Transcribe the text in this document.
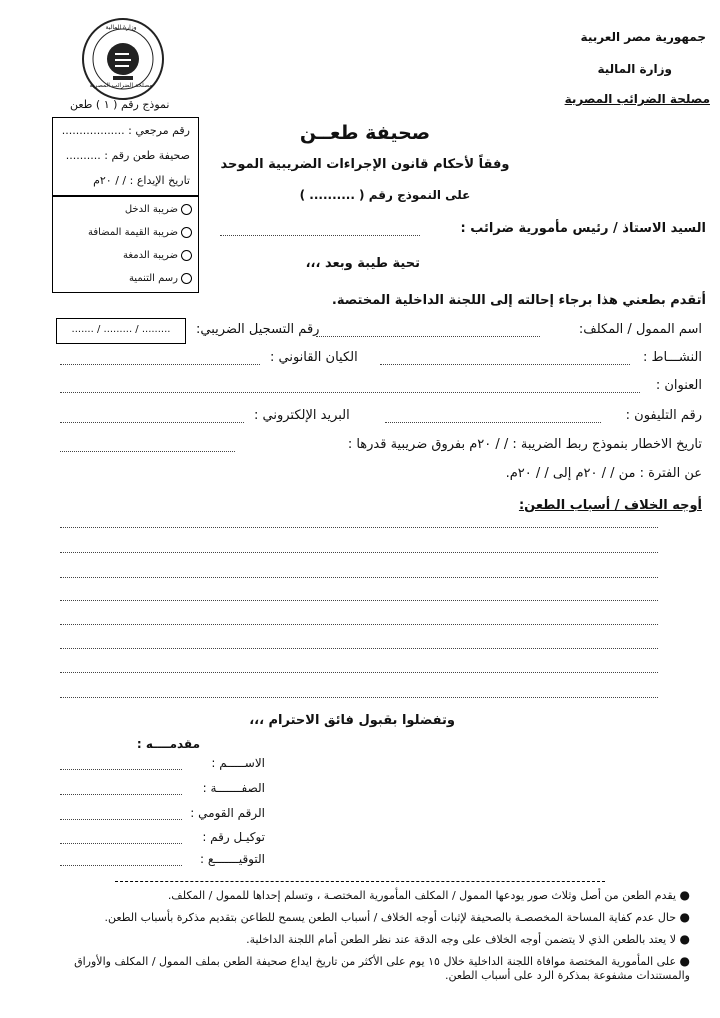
جمهورية مصر العربية
وزارة المالية
مصلحة الضرائب المصرية
وزارة المالية
مصلحة الضرائب المصرية
نموذج رقم ( ١ ) طعن
رقم مرجعي : ..................
صحيفة طعن رقم : ..........
تاريخ الإيداع : / / ٢٠م
ضريبة الدخل
ضريبة القيمة المضافة
ضريبة الدمغة
رسم التنمية
صحيفة طعــن
وفقاً لأحكام قانون الإجراءات الضريبية الموحد
على النموذج رقم ( .......... )
السيد الاستاذ / رئيس مأمورية ضرائب :
تحية طيبة وبعد ،،،
أتقدم بطعني هذا برجاء إحالته إلى اللجنة الداخلية المختصة.
اسم الممول / المكلف:
رقم التسجيل الضريبي:
....... / ......... / .........
النشـــاط :
الكيان القانوني :
العنوان :
رقم التليفون :
البريد الإلكتروني :
تاريخ الاخطار بنموذج ربط الضريبة : / / ٢٠م بفروق ضريبية قدرها :
عن الفترة : من / / ٢٠م إلى / / ٢٠م.
أوجه الخلاف / أسباب الطعن:
وتفضلوا بقبول فائق الاحترام ،،،
مقدمــــه :
الاســـــم :
الصفـــــــة :
الرقم القومي :
توكيـل رقم :
التوقيـــــــع :
● يقدم الطعن من أصل وثلاث صور يودعها الممول / المكلف المأمورية المختصـة ، وتسلم إحداها للممول / المكلف.
● حال عدم كفاية المساحة المخصصـة بالصحيفة لإثبات أوجه الخلاف / أسباب الطعن يسمح للطاعن بتقديم مذكرة بأسباب الطعن.
● لا يعتد بالطعن الذي لا يتضمن أوجه الخلاف على وجه الدقة عند نظر الطعن أمام اللجنة الداخلية.
● على المأمورية المختصة موافاة اللجنة الداخلية خلال ١٥ يوم على الأكثر من تاريخ ايداع صحيفة الطعن بملف الممول / المكلف والأوراق والمستندات مشفوعة بمذكرة الرد على أسباب الطعن.
